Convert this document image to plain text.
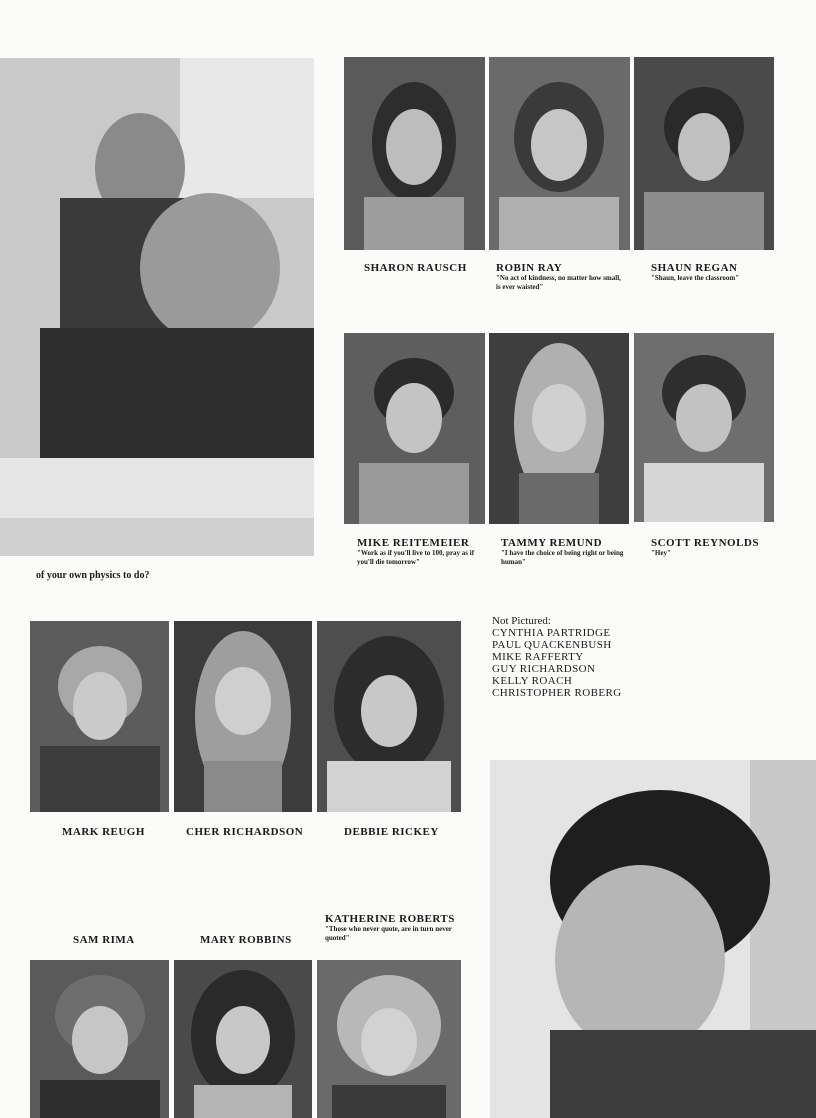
of your own physics to do?
SHARON RAUSCH	ROBIN RAY
"No act of kindness, no matter how small, is ever waisted"
SHAUN REGAN
"Shaun, leave the classroom"
MIKE REITEMEIER
"Work as if you'll live to 100, pray as if you'll die tomorrow"
TAMMY REMUND
"I have the choice of being right or being human"
SCOTT REYNOLDS
"Hey"
Not Pictured:
CYNTHIA PARTRIDGE
PAUL QUACKENBUSH
MIKE RAFFERTY
GUY RICHARDSON
KELLY ROACH
CHRISTOPHER ROBERG
MARK REUGH	CHER RICHARDSON	DEBBIE RICKEY
SAM RIMA	MARY ROBBINS
KATHERINE ROBERTS
"Those who never quote, are in turn never quoted"
